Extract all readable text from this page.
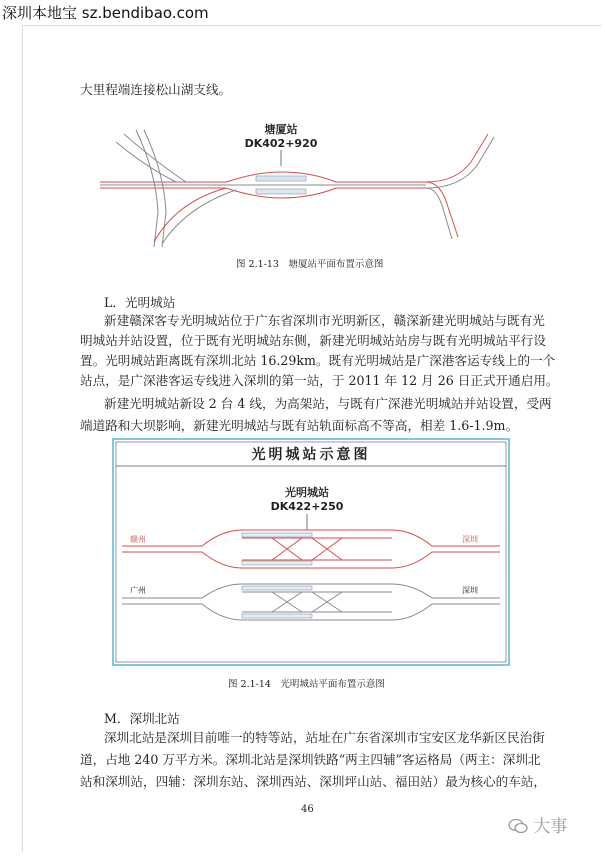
深圳本地宝 sz.bendibao.com
大里程端连接松山湖支线。
塘厦站
DK402+920
图 2.1-13　塘厦站平面布置示意图
L．光明城站
新建赣深客专光明城站位于广东省深圳市光明新区，赣深新建光明城站与既有光
明城站并站设置，位于既有光明城站东侧，新建光明城站站房与既有光明城站平行设
置。光明城站距离既有深圳北站 16.29km。既有光明城站是广深港客运专线上的一个
站点，是广深港客运专线进入深圳的第一站，于 2011 年 12 月 26 日正式开通启用。
新建光明城站新设 2 台 4 线，为高架站，与既有广深港光明城站并站设置，受两
端道路和大坝影响，新建光明城站与既有站轨面标高不等高，相差 1.6-1.9m。
光明城站示意图
光明城站
DK422+250
赣州	深圳
广州	深圳
图 2.1-14　光明城站平面布置示意图
M．深圳北站
深圳北站是深圳目前唯一的特等站，站址在广东省深圳市宝安区龙华新区民治街
道，占地 240 万平方米。深圳北站是深圳铁路“两主四辅”客运格局（两主：深圳北
站和深圳站，四辅：深圳东站、深圳西站、深圳坪山站、福田站）最为核心的车站，
46
大事
